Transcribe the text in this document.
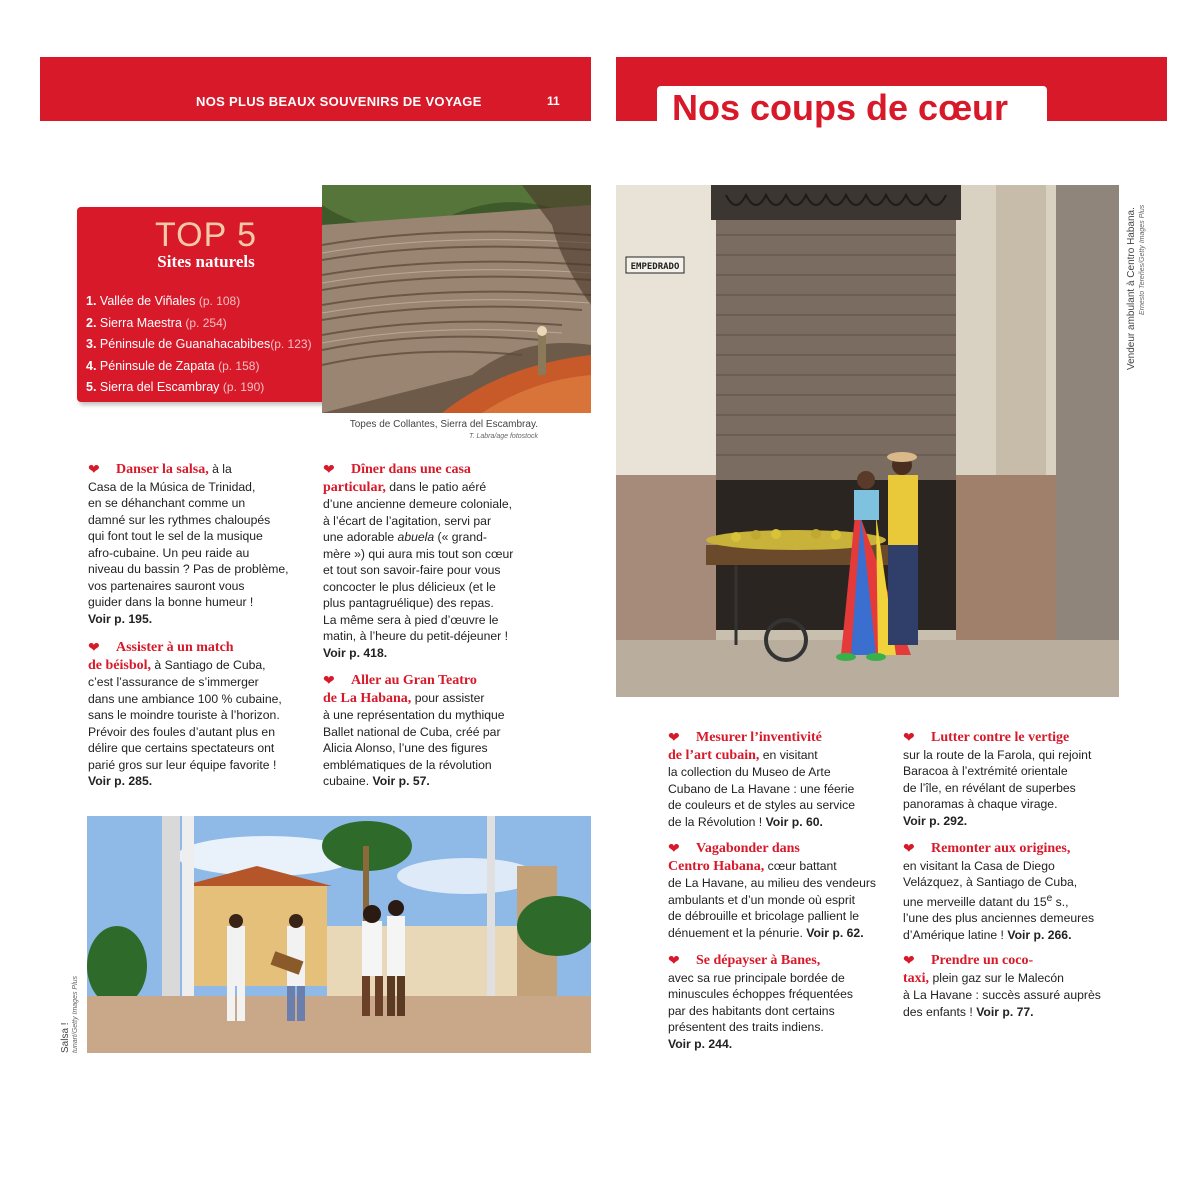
NOS PLUS BEAUX SOUVENIRS DE VOYAGE	11	Nos coups de cœur
TOP 5
Sites naturels
1. Vallée de Viñales (p. 108)
2. Sierra Maestra (p. 254)
3. Péninsule de Guanahacabibes(p. 123)
4. Péninsule de Zapata (p. 158)
5. Sierra del Escambray (p. 190)
Topes de Collantes, Sierra del Escambray.
T. Labra/age fotostock
EMPEDRADO	Vendeur ambulant à Centro Habana. Ernesto Tereñes/Getty Images Plus
Salsa ! tunart/Getty Images Plus
❤	Danser la salsa, à la

Casa de la Música de Trinidad,

en se déhanchant comme un

damné sur les rythmes chaloupés

qui font tout le sel de la musique

afro-cubaine. Un peu raide au

niveau du bassin ? Pas de problème,

vos partenaires sauront vous

guider dans la bonne humeur !

Voir p. 195.

❤	Assister à un match

de béisbol, à Santiago de Cuba,

c’est l’assurance de s’immerger

dans une ambiance 100 % cubaine,

sans le moindre touriste à l’horizon.

Prévoir des foules d’autant plus en

délire que certains spectateurs ont

parié gros sur leur équipe favorite !

Voir p. 285.

❤	Dîner dans une casa

particular, dans le patio aéré

d’une ancienne demeure coloniale,

à l’écart de l’agitation, servi par

une adorable abuela (« grand-

mère ») qui aura mis tout son cœur

et tout son savoir-faire pour vous

concocter le plus délicieux (et le

plus pantagruélique) des repas.

La même sera à pied d’œuvre le

matin, à l’heure du petit-déjeuner !

Voir p. 418.

❤	Aller au Gran Teatro

de La Habana, pour assister

à une représentation du mythique

Ballet national de Cuba, créé par

Alicia Alonso, l’une des figures

emblématiques de la révolution

cubaine. Voir p. 57.

❤	Mesurer l’inventivité

de l’art cubain, en visitant

la collection du Museo de Arte

Cubano de La Havane : une féerie

de couleurs et de styles au service

de la Révolution ! Voir p. 60.

❤	Vagabonder dans

Centro Habana, cœur battant

de La Havane, au milieu des vendeurs

ambulants et d’un monde où esprit

de débrouille et bricolage pallient le

dénuement et la pénurie. Voir p. 62.

❤	Se dépayser à Banes,

avec sa rue principale bordée de

minuscules échoppes fréquentées

par des habitants dont certains

présentent des traits indiens.

Voir p. 244.

❤	Lutter contre le vertige

sur la route de la Farola, qui rejoint

Baracoa à l’extrémité orientale

de l’île, en révélant de superbes

panoramas à chaque virage.

Voir p. 292.

❤	Remonter aux origines,

en visitant la Casa de Diego

Velázquez, à Santiago de Cuba,

une merveille datant du 15e s.,

l’une des plus anciennes demeures

d’Amérique latine ! Voir p. 266.

❤	Prendre un coco-

taxi, plein gaz sur le Malecón

à La Havane : succès assuré auprès

des enfants ! Voir p. 77.
